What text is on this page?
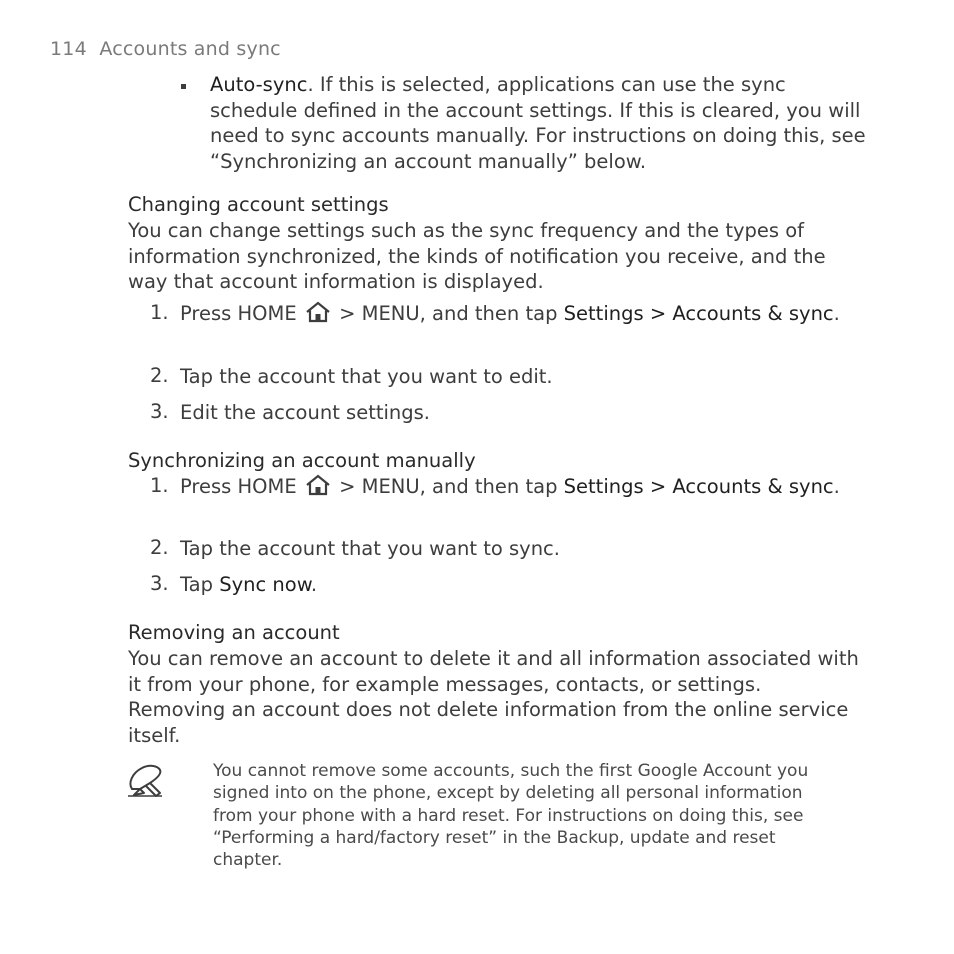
114 Accounts and sync
Auto-sync. If this is selected, applications can use the sync schedule defined in the account settings. If this is cleared, you will need to sync accounts manually. For instructions on doing this, see “Synchronizing an account manually” below.
Changing account settings
You can change settings such as the sync frequency and the types of information synchronized, the kinds of notification you receive, and the way that account information is displayed.
1. Press HOME  > MENU, and then tap Settings > Accounts & sync.
2. Tap the account that you want to edit.
3. Edit the account settings.
Synchronizing an account manually
1. Press HOME  > MENU, and then tap Settings > Accounts & sync.
2. Tap the account that you want to sync.
3. Tap Sync now.
Removing an account
You can remove an account to delete it and all information associated with it from your phone, for example messages, contacts, or settings. Removing an account does not delete information from the online service itself.
You cannot remove some accounts, such the first Google Account you signed into on the phone, except by deleting all personal information from your phone with a hard reset. For instructions on doing this, see “Performing a hard/factory reset” in the Backup, update and reset chapter.
